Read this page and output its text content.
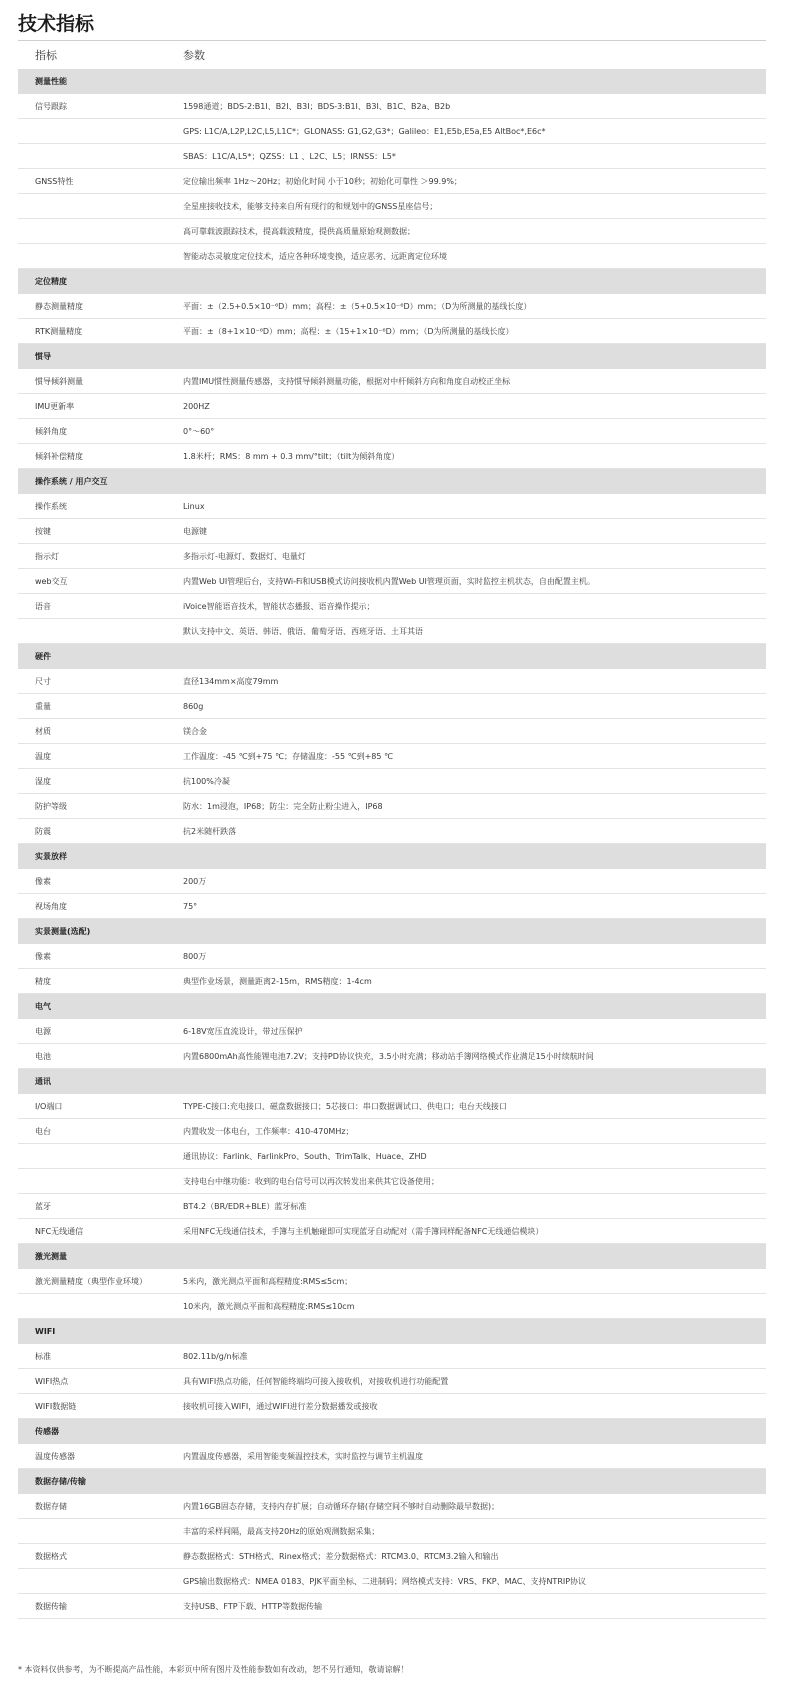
技术指标
指标	参数
测量性能
信号跟踪	1598通道；BDS-2:B1I、B2I、B3I；BDS-3:B1I、B3I、B1C、B2a、B2b
GPS: L1C/A,L2P,L2C,L5,L1C*；GLONASS: G1,G2,G3*；Galileo：E1,E5b,E5a,E5 AltBoc*,E6c*
SBAS：L1C/A,L5*；QZSS：L1 、L2C、L5；IRNSS：L5*
GNSS特性	定位输出频率 1Hz～20Hz；初始化时间 小于10秒；初始化可靠性 ＞99.9%；
全星座接收技术，能够支持来自所有现行的和规划中的GNSS星座信号；
高可靠载波跟踪技术，提高载波精度，提供高质量原始观测数据；
智能动态灵敏度定位技术，适应各种环境变换，适应恶劣、远距离定位环境
定位精度
静态测量精度	平面：±（2.5+0.5×10⁻⁶D）mm；高程：±（5+0.5×10⁻⁶D）mm；（D为所测量的基线长度）
RTK测量精度	平面：±（8+1×10⁻⁶D）mm；高程：±（15+1×10⁻⁶D）mm；（D为所测量的基线长度）
惯导
惯导倾斜测量	内置IMU惯性测量传感器，支持惯导倾斜测量功能，根据对中杆倾斜方向和角度自动校正坐标
IMU更新率	200HZ
倾斜角度	0°～60°
倾斜补偿精度	1.8米杆；RMS：8 mm + 0.3 mm/°tilt；（tilt为倾斜角度）
操作系统 / 用户交互
操作系统	Linux
按键	电源键
指示灯	多指示灯-电源灯、数据灯、电量灯
web交互	内置Web UI管理后台，支持Wi-Fi和USB模式访问接收机内置Web UI管理页面，实时监控主机状态，自由配置主机。
语音	iVoice智能语音技术，智能状态播报、语音操作提示；
默认支持中文、英语、韩语、俄语、葡萄牙语、西班牙语、土耳其语
硬件
尺寸	直径134mm×高度79mm
重量	860g
材质	镁合金
温度	工作温度：-45 ℃到+75 ℃；存储温度：-55 ℃到+85 ℃
湿度	抗100%冷凝
防护等级	防水：1m浸泡，IP68；防尘：完全防止粉尘进入，IP68
防震	抗2米随杆跌落
实景放样
像素	200万
视场角度	75°
实景测量(选配)
像素	800万
精度	典型作业场景，测量距离2-15m，RMS精度：1-4cm
电气
电源	6-18V宽压直流设计，带过压保护
电池	内置6800mAh高性能锂电池7.2V；支持PD协议快充，3.5小时充满；移动站手簿网络模式作业满足15小时续航时间
通讯
I/O端口	TYPE-C接口:充电接口、磁盘数据接口；5芯接口：串口数据调试口、供电口；电台天线接口
电台	内置收发一体电台，工作频率：410-470MHz；
通讯协议：Farlink、FarlinkPro、South、TrimTalk、Huace、ZHD
支持电台中继功能：收到的电台信号可以再次转发出来供其它设备使用；
蓝牙	BT4.2（BR/EDR+BLE）蓝牙标准
NFC无线通信	采用NFC无线通信技术，手簿与主机触碰即可实现蓝牙自动配对（需手簿同样配备NFC无线通信模块）
激光测量
激光测量精度（典型作业环境）	5米内，激光测点平面和高程精度:RMS≤5cm；
10米内，激光测点平面和高程精度:RMS≤10cm
WIFI
标准	802.11b/g/n标准
WIFI热点	具有WIFI热点功能，任何智能终端均可接入接收机，对接收机进行功能配置
WIFI数据链	接收机可接入WIFI，通过WIFI进行差分数据播发或接收
传感器
温度传感器	内置温度传感器，采用智能变频温控技术，实时监控与调节主机温度
数据存储/传输
数据存储	内置16GB固态存储，支持内存扩展；自动循环存储(存储空间不够时自动删除最早数据)；
丰富的采样间隔，最高支持20Hz的原始观测数据采集；
数据格式	静态数据格式：STH格式、Rinex格式；差分数据格式：RTCM3.0、RTCM3.2输入和输出
GPS输出数据格式：NMEA 0183、PJK平面坐标、二进制码；网络模式支持：VRS、FKP、MAC、支持NTRIP协议
数据传输	支持USB、FTP下载、HTTP等数据传输
* 本资料仅供参考，为不断提高产品性能，本彩页中所有图片及性能参数如有改动，恕不另行通知，敬请谅解！
